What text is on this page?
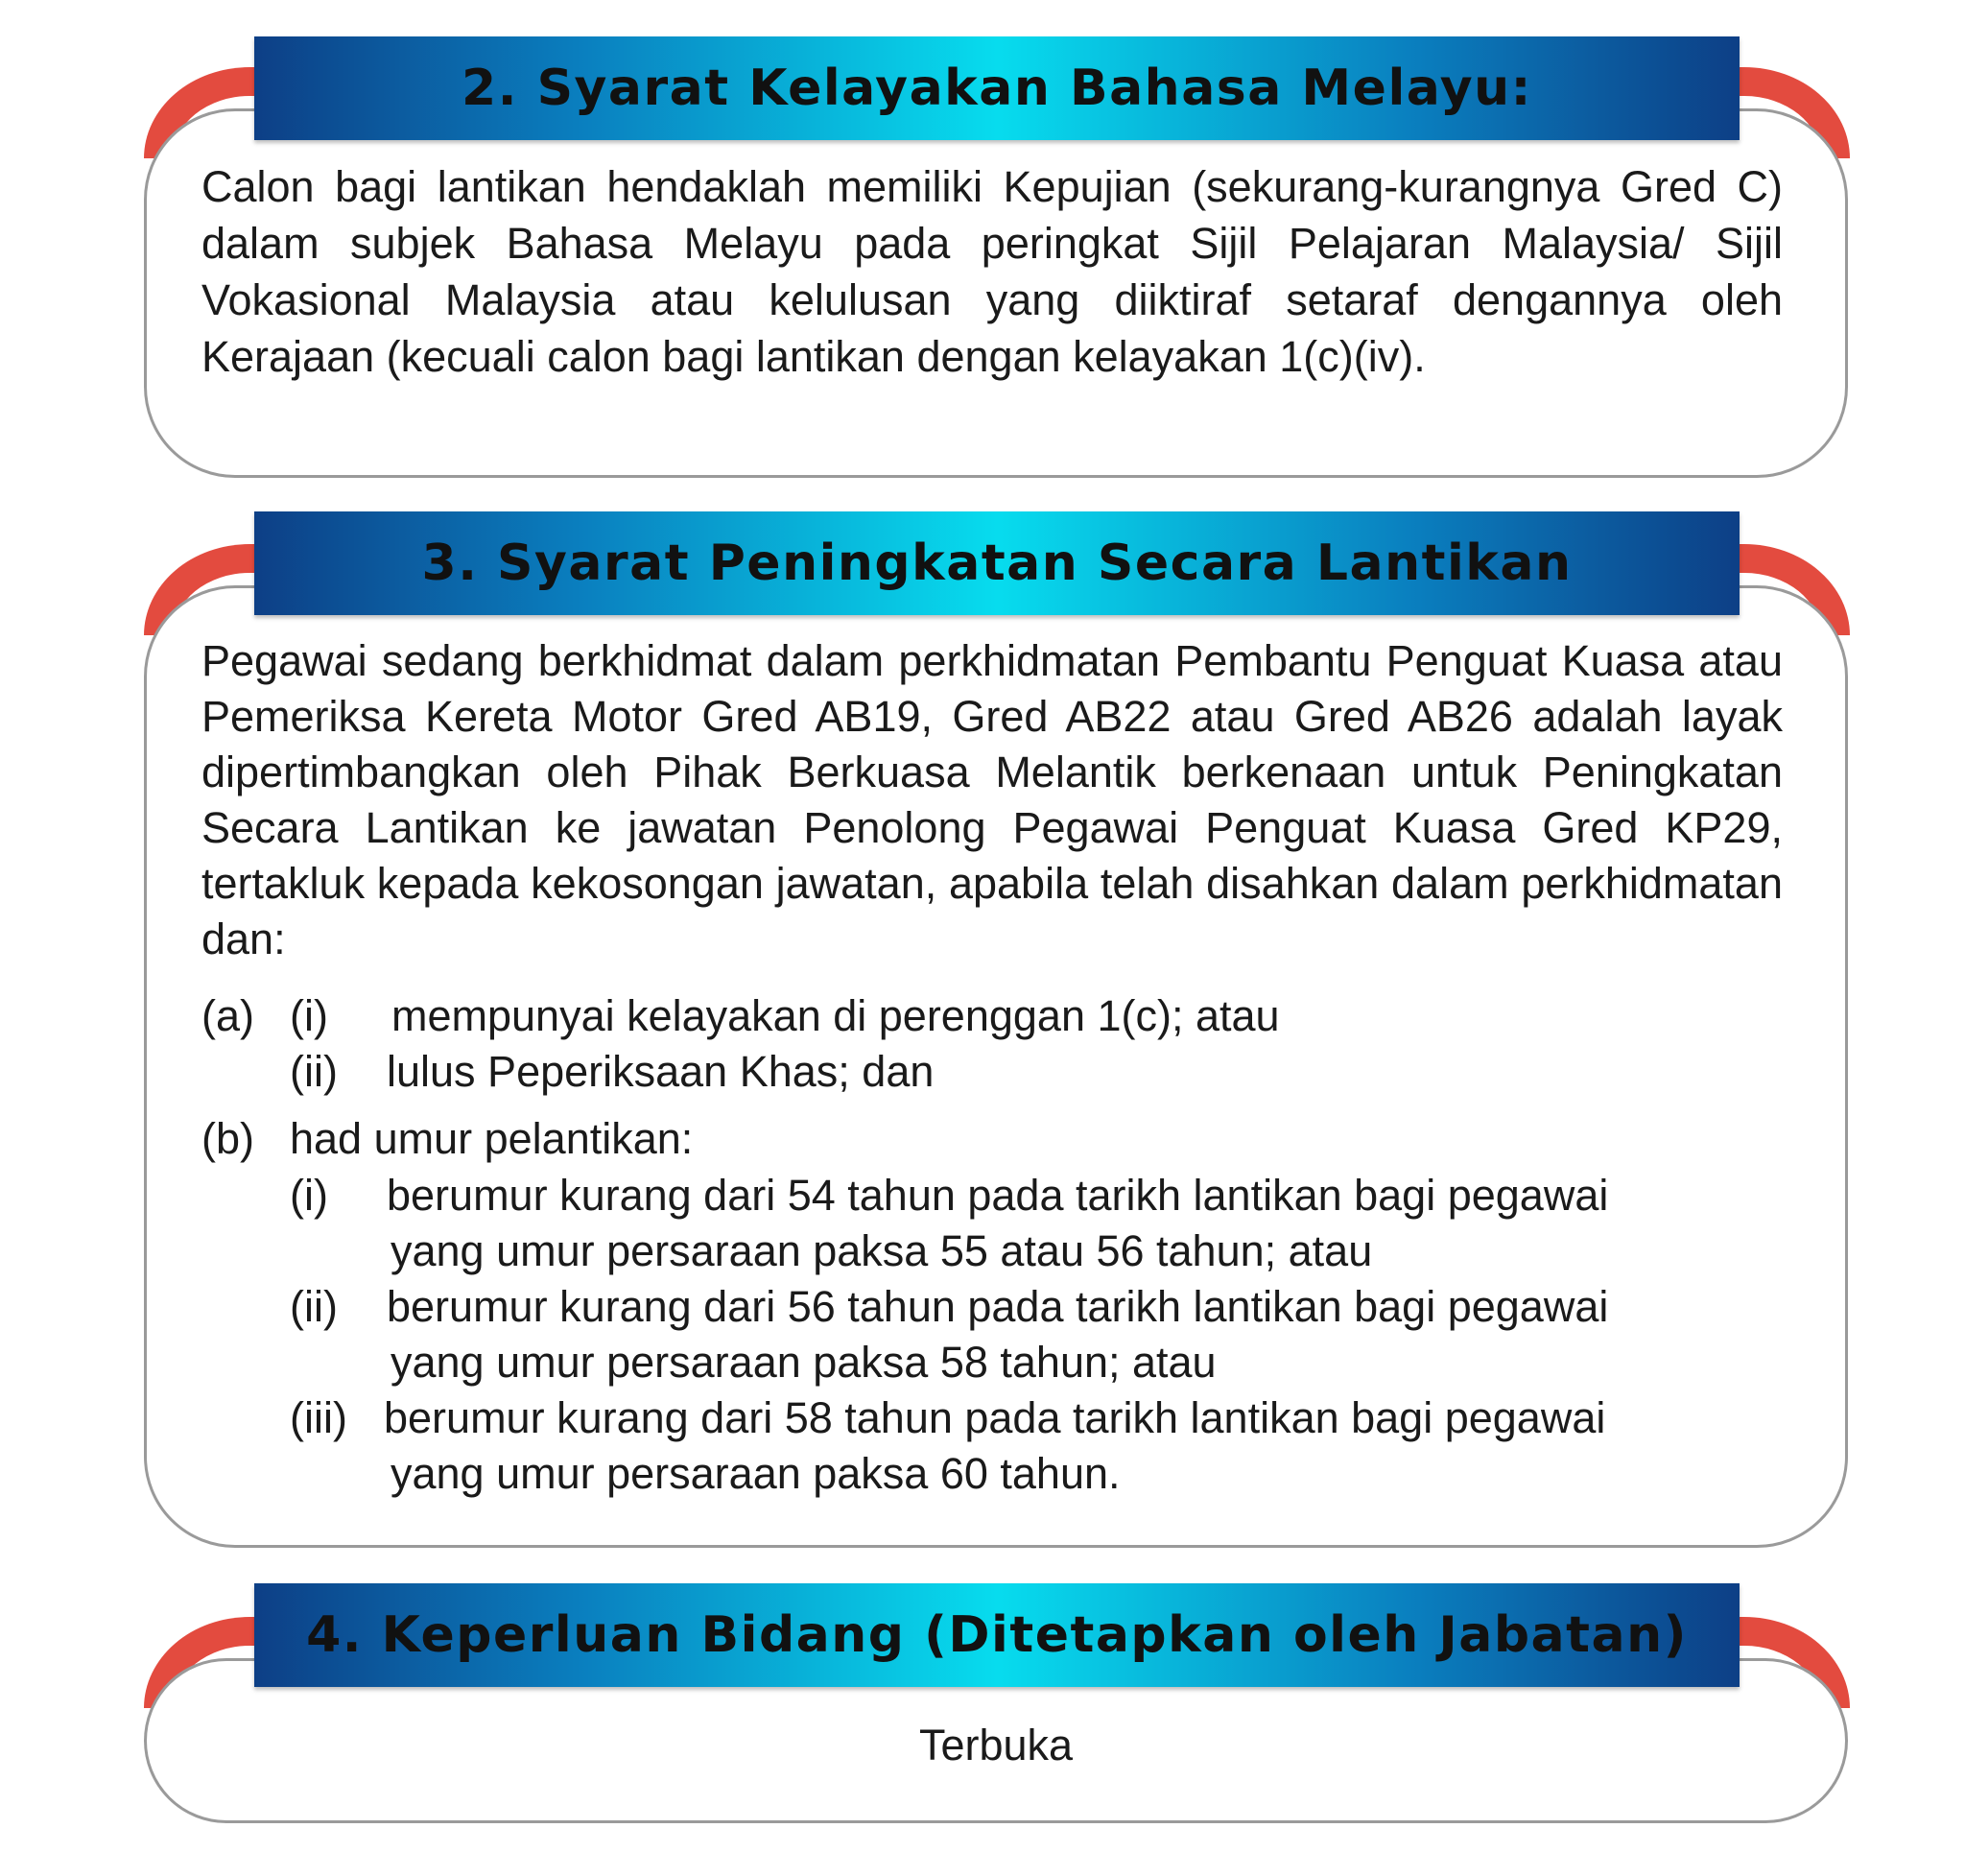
2. Syarat Kelayakan Bahasa Melayu:

Calon bagi lantikan hendaklah memiliki Kepujian (sekurang-kurangnya Gred C) dalam subjek Bahasa Melayu pada peringkat Sijil Pelajaran Malaysia/ Sijil Vokasional Malaysia atau kelulusan yang diiktiraf setaraf dengannya oleh Kerajaan (kecuali calon bagi lantikan dengan kelayakan 1(c)(iv).

3. Syarat Peningkatan Secara Lantikan

Pegawai sedang berkhidmat dalam perkhidmatan Pembantu Penguat Kuasa atau Pemeriksa Kereta Motor Gred AB19, Gred AB22 atau Gred AB26 adalah layak dipertimbangkan oleh Pihak Berkuasa Melantik berkenaan untuk Peningkatan Secara Lantikan ke jawatan Penolong Pegawai Penguat Kuasa Gred KP29, tertakluk kepada kekosongan jawatan, apabila telah disahkan dalam perkhidmatan dan:

(a) (i) mempunyai kelayakan di perenggan 1(c); atau
(ii) lulus Peperiksaan Khas; dan
(b) had umur pelantikan:
(i) berumur kurang dari 54 tahun pada tarikh lantikan bagi pegawai
yang umur persaraan paksa 55 atau 56 tahun; atau
(ii) berumur kurang dari 56 tahun pada tarikh lantikan bagi pegawai
yang umur persaraan paksa 58 tahun; atau
(iii) berumur kurang dari 58 tahun pada tarikh lantikan bagi pegawai
yang umur persaraan paksa 60 tahun.
4. Keperluan Bidang (Ditetapkan oleh Jabatan)
Terbuka
